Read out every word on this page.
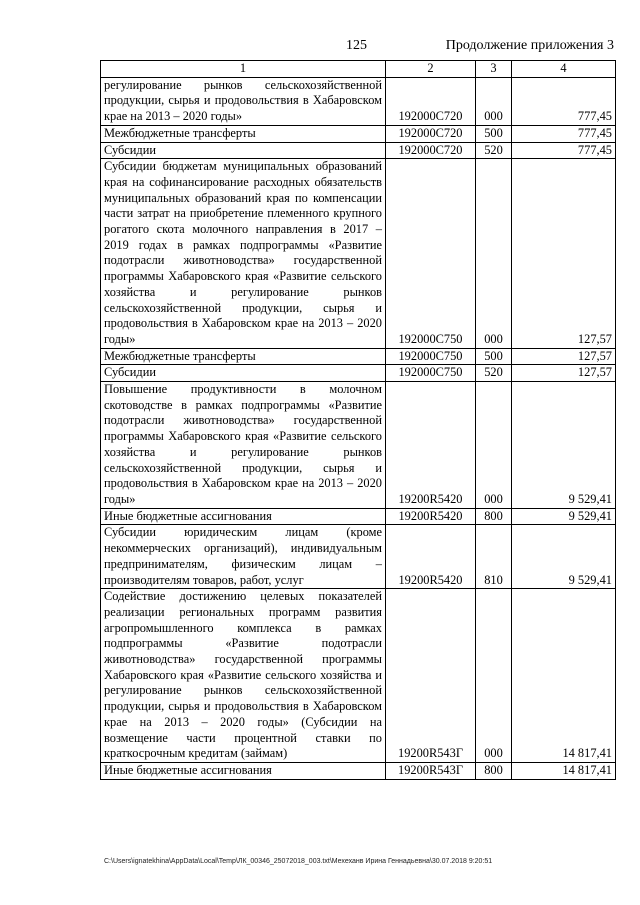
125	Продолжение приложения 3
1	2	3	4
регулирование рынков сельскохозяйственной продукции, сырья и продовольствия в Хабаровском крае на 2013 – 2020 годы»	192000С720	000	777,45
Межбюджетные трансферты	192000С720	500	777,45
Субсидии	192000С720	520	777,45
Субсидии бюджетам муниципальных образований края на софинансирование расходных обязательств муниципальных образований края по компенсации части затрат на приобретение племенного крупного рогатого скота молочного направления в 2017 – 2019 годах в рамках подпрограммы «Развитие подотрасли животноводства» государственной программы Хабаровского края «Развитие сельского хозяйства и регулирование рынков сельскохозяйственной продукции, сырья и продовольствия в Хабаровском крае на 2013 – 2020 годы»	192000С750	000	127,57
Межбюджетные трансферты	192000С750	500	127,57
Субсидии	192000С750	520	127,57
Повышение продуктивности в молочном скотоводстве в рамках подпрограммы «Развитие подотрасли животноводства» государственной программы Хабаровского края «Развитие сельского хозяйства и регулирование рынков сельскохозяйственной продукции, сырья и продовольствия в Хабаровском крае на 2013 – 2020 годы»	19200R5420	000	9 529,41
Иные бюджетные ассигнования	19200R5420	800	9 529,41
Субсидии юридическим лицам (кроме некоммерческих организаций), индивидуальным предпринимателям, физическим лицам – производителям товаров, работ, услуг	19200R5420	810	9 529,41
Содействие достижению целевых показателей реализации региональных программ развития агропромышленного комплекса в рамках подпрограммы «Развитие подотрасли животноводства» государственной программы Хабаровского края «Развитие сельского хозяйства и регулирование рынков сельскохозяйственной продукции, сырья и продовольствия в Хабаровском крае на 2013 – 2020 годы» (Субсидии на возмещение части процентной ставки по краткосрочным кредитам (займам)	19200R543Г	000	14 817,41
Иные бюджетные ассигнования	19200R543Г	800	14 817,41
C:\Users\ignatekhina\AppData\Local\Temp\ЛК_00346_25072018_003.txt\Мехеханв Ирина Геннадьевна\30.07.2018 9:20:51
